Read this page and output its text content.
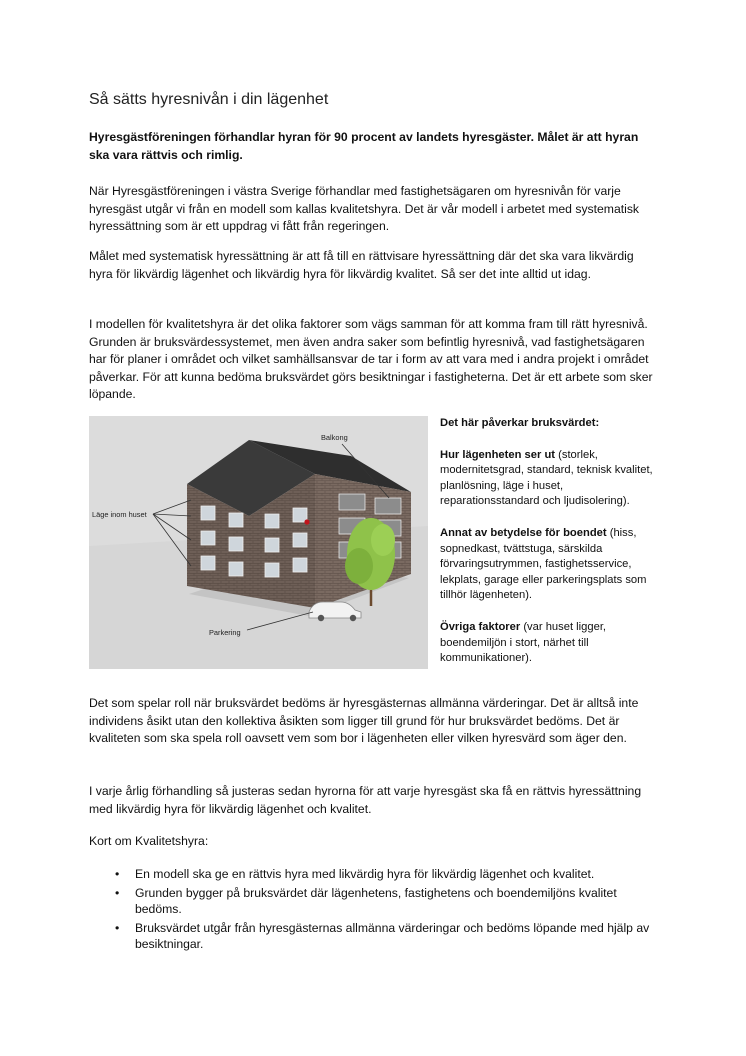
Så sätts hyresnivån i din lägenhet

Hyresgästföreningen förhandlar hyran för 90 procent av landets hyresgäster. Målet är att hyran ska vara rättvis och rimlig.

När Hyresgästföreningen i västra Sverige förhandlar med fastighetsägaren om hyresnivån för varje hyresgäst utgår vi från en modell som kallas kvalitetshyra. Det är vår modell i arbetet med systematisk hyressättning som är ett uppdrag vi fått från regeringen.

Målet med systematisk hyressättning är att få till en rättvisare hyressättning där det ska vara likvärdig hyra för likvärdig lägenhet och likvärdig hyra för likvärdig kvalitet. Så ser det inte alltid ut idag.

I modellen för kvalitetshyra är det olika faktorer som vägs samman för att komma fram till rätt hyresnivå. Grunden är bruksvärdessystemet, men även andra saker som befintlig hyresnivå, vad fastighetsägaren har för planer i området och vilket samhällsansvar de tar i form av att vara med i andra projekt i området påverkar. För att kunna bedöma bruksvärdet görs besiktningar i fastigheterna. Det är ett arbete som sker löpande.

Balkong
Läge inom huset
Parkering

Det här påverkar bruksvärdet:

Hur lägenheten ser ut (storlek, modernitetsgrad, standard, teknisk kvalitet, planlösning, läge i huset, reparationsstandard och ljudisolering).

Annat av betydelse för boendet (hiss, sopnedkast, tvättstuga, särskilda förvaringsutrymmen, fastighetsservice, lekplats, garage eller parkeringsplats som tillhör lägenheten).

Övriga faktorer (var huset ligger, boendemiljön i stort, närhet till kommunikationer).

Det som spelar roll när bruksvärdet bedöms är hyresgästernas allmänna värderingar. Det är alltså inte individens åsikt utan den kollektiva åsikten som ligger till grund för hur bruksvärdet bedöms. Det är kvaliteten som ska spela roll oavsett vem som bor i lägenheten eller vilken hyresvärd som äger den.

I varje årlig förhandling så justeras sedan hyrorna för att varje hyresgäst ska få en rättvis hyressättning med likvärdig hyra för likvärdig lägenhet och kvalitet.

Kort om Kvalitetshyra:

• En modell ska ge en rättvis hyra med likvärdig hyra för likvärdig lägenhet och kvalitet.
• Grunden bygger på bruksvärdet där lägenhetens, fastighetens och boendemiljöns kvalitet bedöms.
• Bruksvärdet utgår från hyresgästernas allmänna värderingar och bedöms löpande med hjälp av besiktningar.
